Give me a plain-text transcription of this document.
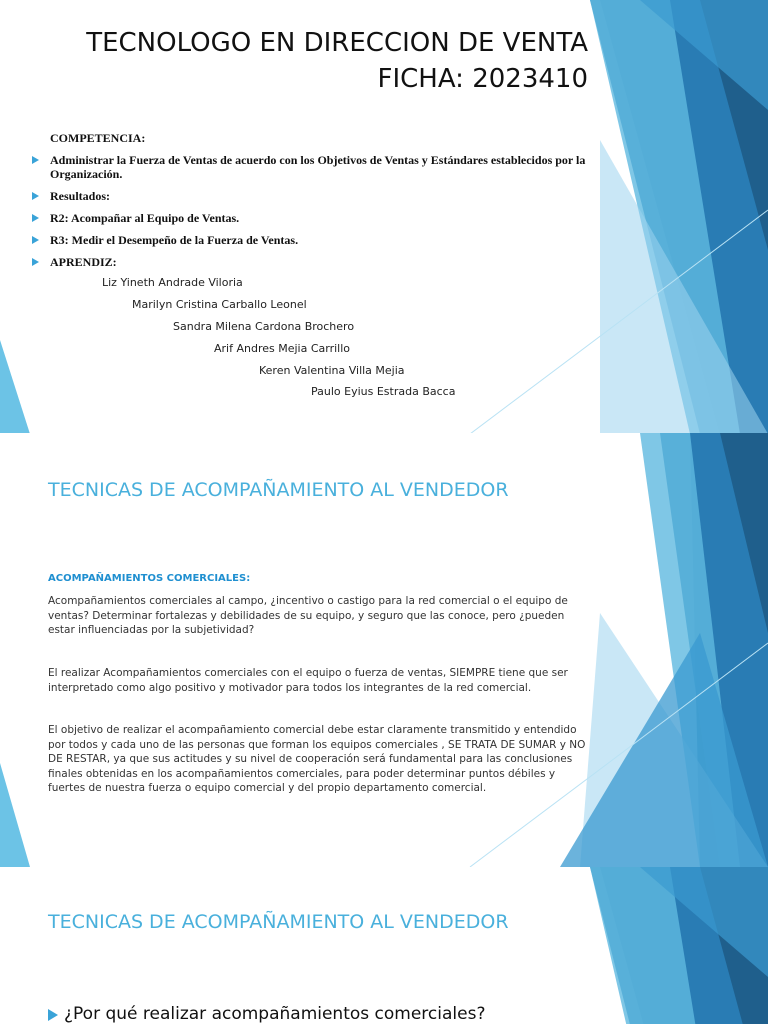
TECNOLOGO EN DIRECCION DE VENTA

FICHA: 2023410

COMPETENCIA:

Administrar la Fuerza de Ventas de acuerdo con los Objetivos de Ventas y Estándares establecidos por la Organización.

Resultados:

R2: Acompañar al Equipo de Ventas.

R3: Medir el Desempeño de la Fuerza de Ventas.

APRENDIZ:

Liz Yineth Andrade Viloria

Marilyn Cristina Carballo Leonel

Sandra Milena Cardona Brochero

Arif Andres Mejia Carrillo

Keren Valentina Villa Mejia

Paulo Eyius Estrada Bacca

TECNICAS DE ACOMPAÑAMIENTO AL VENDEDOR

ACOMPAÑAMIENTOS COMERCIALES:

Acompañamientos comerciales al campo, ¿incentivo o castigo para la red comercial o el equipo de ventas? Determinar fortalezas y debilidades de su equipo, y seguro que las conoce, pero ¿pueden estar influenciadas por la subjetividad?

El realizar Acompañamientos comerciales con el equipo o fuerza de ventas, SIEMPRE tiene que ser interpretado como algo positivo y motivador para todos los integrantes de la red comercial.

El objetivo de realizar el acompañamiento comercial debe estar claramente transmitido y entendido por todos y cada uno de las personas que forman los equipos comerciales , SE TRATA DE SUMAR y NO DE RESTAR, ya que sus actitudes y su nivel de cooperación será fundamental para las conclusiones finales obtenidas en los acompañamientos comerciales, para poder determinar puntos débiles y fuertes de nuestra fuerza o equipo comercial y del propio departamento comercial.

TECNICAS DE ACOMPAÑAMIENTO AL VENDEDOR

¿Por qué realizar acompañamientos comerciales?
